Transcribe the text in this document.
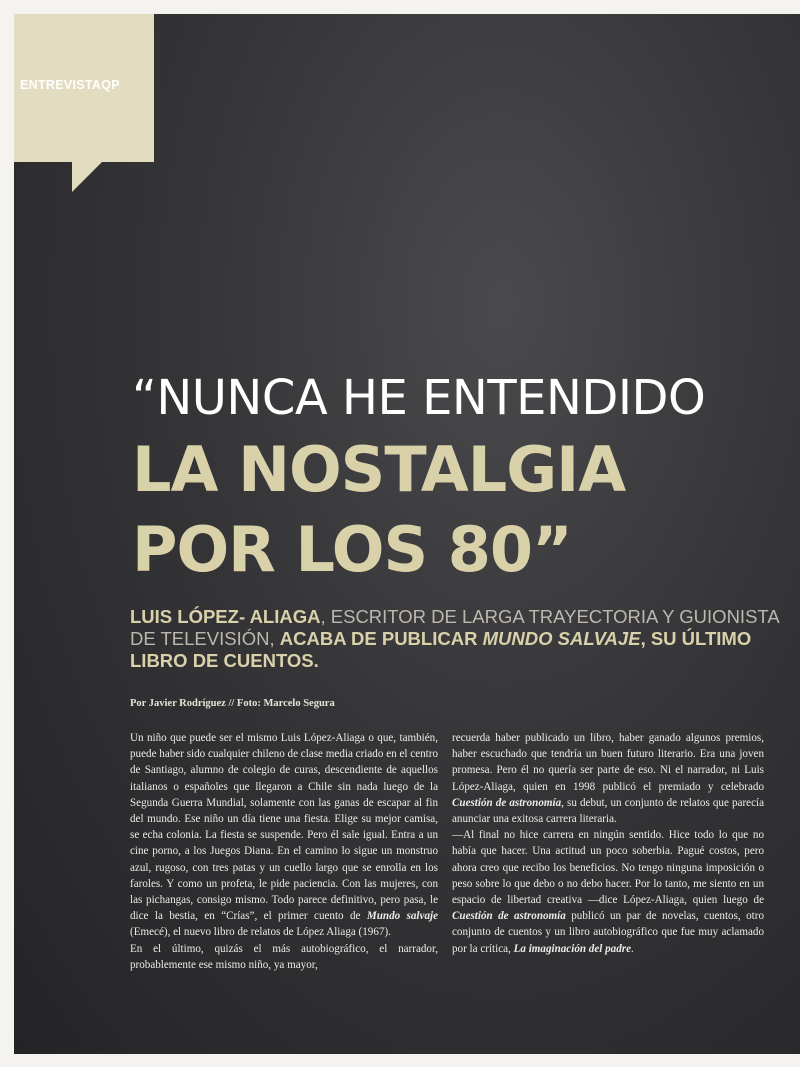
ENTREVISTAQP
“NUNCA HE ENTENDIDO
LA NOSTALGIA
POR LOS 80”
LUIS LÓPEZ- ALIAGA, ESCRITOR DE LARGA TRAYECTORIA Y GUIONISTA DE TELEVISIÓN, ACABA DE PUBLICAR MUNDO SALVAJE, SU ÚLTIMO LIBRO DE CUENTOS.
Por Javier Rodríguez // Foto: Marcelo Segura

Un niño que puede ser el mismo Luis López-Aliaga o que, también, puede haber sido cualquier chileno de clase media criado en el centro de Santiago, alumno de colegio de curas, descendiente de aquellos italianos o españoles que llegaron a Chile sin nada luego de la Segunda Guerra Mundial, solamente con las ganas de escapar al fin del mundo. Ese niño un día tiene una fiesta. Elige su mejor camisa, se echa colonia. La fiesta se suspende. Pero él sale igual. Entra a un cine porno, a los Juegos Diana. En el camino lo sigue un monstruo azul, rugoso, con tres patas y un cuello largo que se enrolla en los faroles. Y como un profeta, le pide paciencia. Con las mujeres, con las pichangas, consigo mismo. Todo parece definitivo, pero pasa, le dice la bestia, en “Crías”, el primer cuento de Mundo salvaje (Emecé), el nuevo libro de relatos de López Aliaga (1967).

En el último, quizás el más autobiográfico, el narrador, probablemente ese mismo niño, ya mayor,

recuerda haber publicado un libro, haber ganado algunos premios, haber escuchado que tendría un buen futuro literario. Era una joven promesa. Pero él no quería ser parte de eso. Ni el narrador, ni Luis López-Aliaga, quien en 1998 publicó el premiado y celebrado Cuestión de astronomía, su debut, un conjunto de relatos que parecía anunciar una exitosa carrera literaria.

—Al final no hice carrera en ningún sentido. Hice todo lo que no había que hacer. Una actitud un poco soberbia. Pagué costos, pero ahora creo que recibo los beneficios. No tengo ninguna imposición o peso sobre lo que debo o no debo hacer. Por lo tanto, me siento en un espacio de libertad creativa —dice López-Aliaga, quien luego de Cuestión de astronomía publicó un par de novelas, cuentos, otro conjunto de cuentos y un libro autobiográfico que fue muy aclamado por la crítica, La imaginación del padre.
